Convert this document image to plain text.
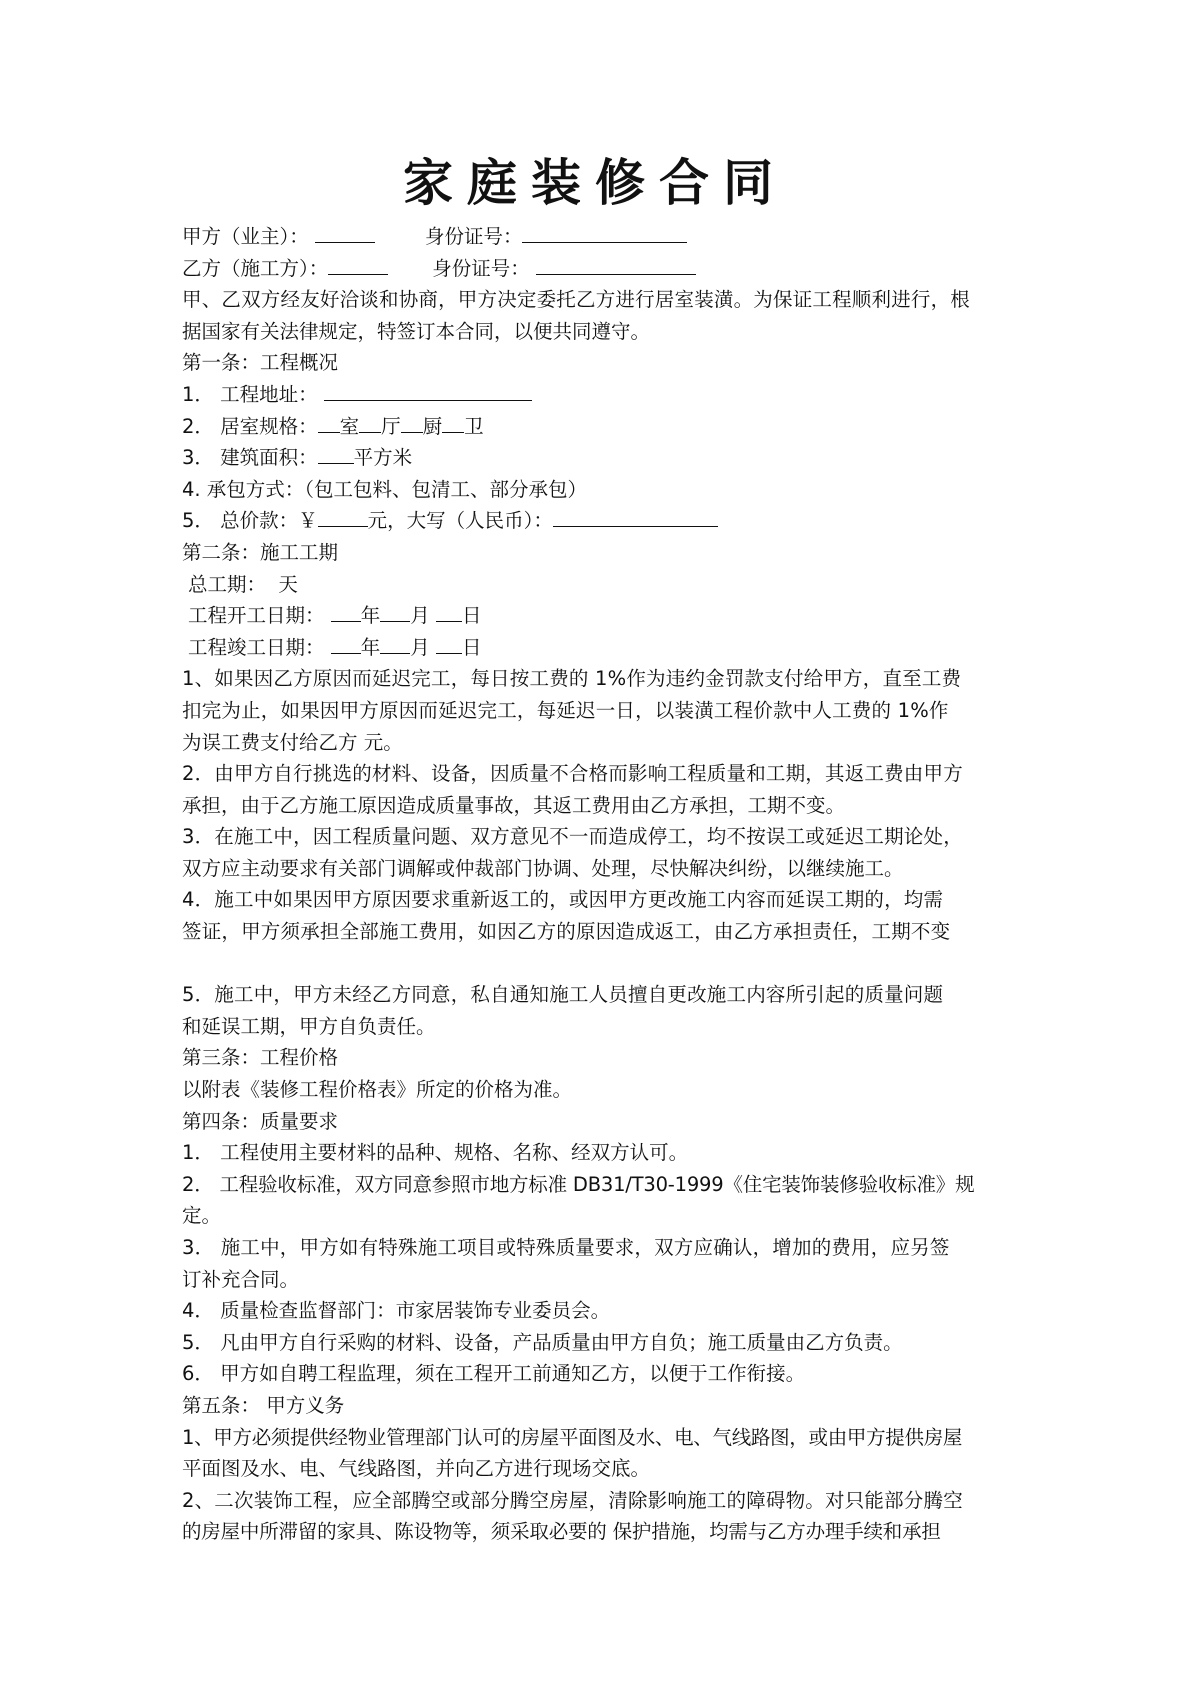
家庭装修合同
甲方（业主）：	身份证号：
乙方（施工方）：	身份证号：
甲、乙双方经友好洽谈和协商，甲方决定委托乙方进行居室装潢。为保证工程顺利进行，根
据国家有关法律规定，特签订本合同，以便共同遵守。
第一条：工程概况
1． 工程地址：
2． 居室规格： 室 厅 厨 卫
3． 建筑面积： 平方米
4. 承包方式：（包工包料、包清工、部分承包）
5． 总价款：￥	元，大写（人民币）：
第二条：施工工期
总工期：  天
工程开工日期： 年 月 日
工程竣工日期： 年 月 日
1、如果因乙方原因而延迟完工，每日按工费的 1%作为违约金罚款支付给甲方，直至工费
扣完为止，如果因甲方原因而延迟完工，每延迟一日，以装潢工程价款中人工费的 1%作
为误工费支付给乙方 元。
2．由甲方自行挑选的材料、设备，因质量不合格而影响工程质量和工期，其返工费由甲方
承担，由于乙方施工原因造成质量事故，其返工费用由乙方承担，工期不变。
3．在施工中，因工程质量问题、双方意见不一而造成停工，均不按误工或延迟工期论处，
双方应主动要求有关部门调解或仲裁部门协调、处理，尽快解决纠纷，以继续施工。
4．施工中如果因甲方原因要求重新返工的，或因甲方更改施工内容而延误工期的，均需
签证，甲方须承担全部施工费用，如因乙方的原因造成返工，由乙方承担责任，工期不变
5．施工中，甲方未经乙方同意，私自通知施工人员擅自更改施工内容所引起的质量问题
和延误工期，甲方自负责任。
第三条：工程价格
以附表《装修工程价格表》所定的价格为准。
第四条：质量要求
1． 工程使用主要材料的品种、规格、名称、经双方认可。
2． 工程验收标准，双方同意参照市地方标准 DB31/T30-1999《住宅装饰装修验收标准》规
定。
3． 施工中，甲方如有特殊施工项目或特殊质量要求，双方应确认，增加的费用，应另签
订补充合同。
4． 质量检查监督部门：市家居装饰专业委员会。
5． 凡由甲方自行采购的材料、设备，产品质量由甲方自负；施工质量由乙方负责。
6． 甲方如自聘工程监理，须在工程开工前通知乙方，以便于工作衔接。
第五条： 甲方义务
1、甲方必须提供经物业管理部门认可的房屋平面图及水、电、气线路图，或由甲方提供房屋
平面图及水、电、气线路图，并向乙方进行现场交底。
2、二次装饰工程，应全部腾空或部分腾空房屋，清除影响施工的障碍物。对只能部分腾空
的房屋中所滞留的家具、陈设物等，须采取必要的 保护措施，均需与乙方办理手续和承担
